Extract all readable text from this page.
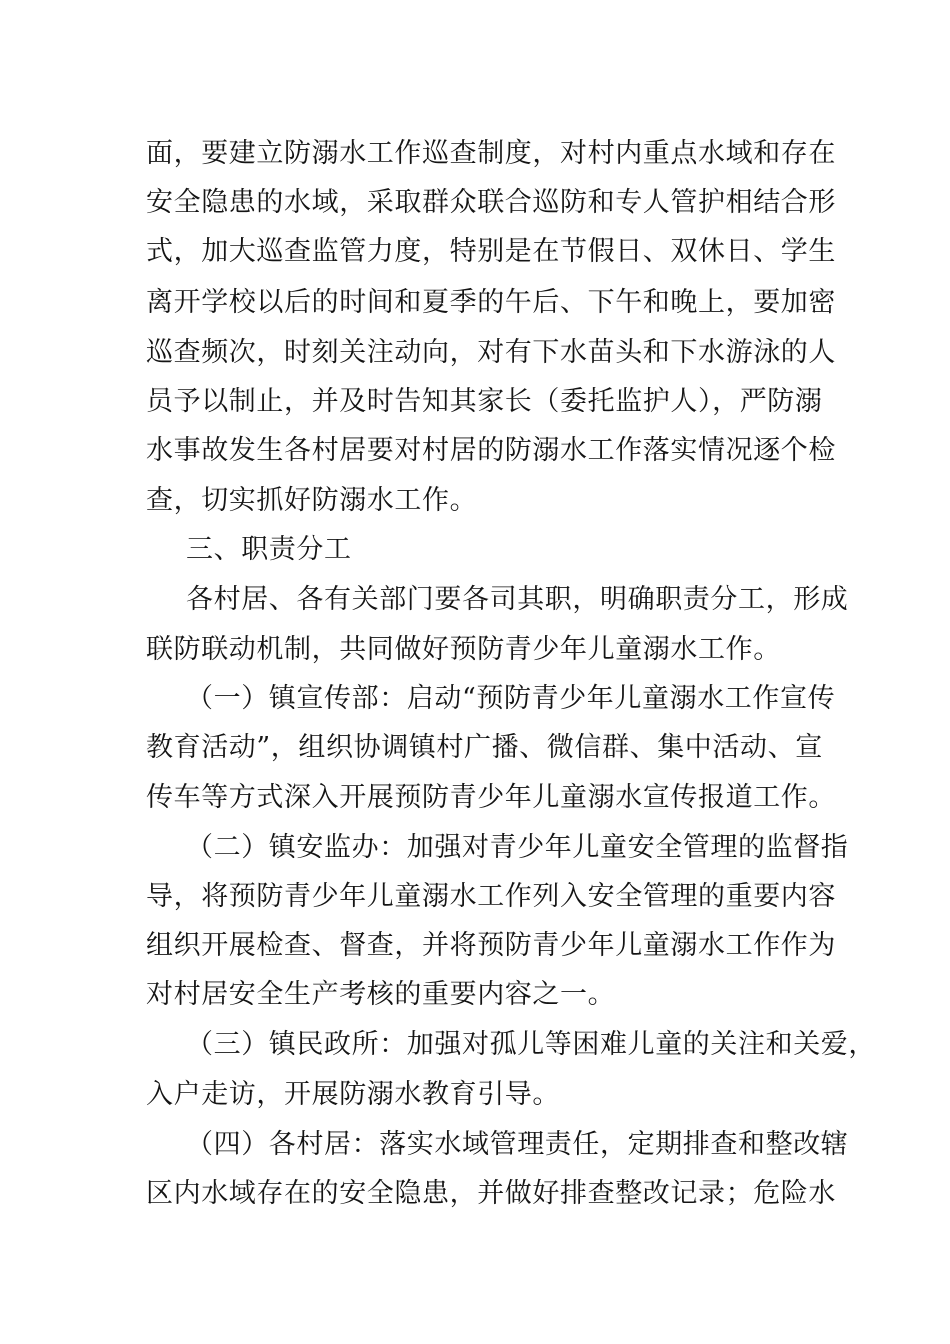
面，要建立防溺水工作巡查制度，对村内重点水域和存在
安全隐患的水域，采取群众联合巡防和专人管护相结合形
式，加大巡查监管力度，特别是在节假日、双休日、学生
离开学校以后的时间和夏季的午后、下午和晚上，要加密
巡查频次，时刻关注动向，对有下水苗头和下水游泳的人
员予以制止，并及时告知其家长（委托监护人），严防溺
水事故发生各村居要对村居的防溺水工作落实情况逐个检
查，切实抓好防溺水工作。
三、职责分工
各村居、各有关部门要各司其职，明确职责分工，形成
联防联动机制，共同做好预防青少年儿童溺水工作。
（一）镇宣传部：启动“预防青少年儿童溺水工作宣传
教育活动”，组织协调镇村广播、微信群、集中活动、宣
传车等方式深入开展预防青少年儿童溺水宣传报道工作。
（二）镇安监办：加强对青少年儿童安全管理的监督指
导，将预防青少年儿童溺水工作列入安全管理的重要内容
组织开展检查、督查，并将预防青少年儿童溺水工作作为
对村居安全生产考核的重要内容之一。
（三）镇民政所：加强对孤儿等困难儿童的关注和关爱，
入户走访，开展防溺水教育引导。
（四）各村居：落实水域管理责任，定期排查和整改辖
区内水域存在的安全隐患，并做好排查整改记录；危险水
